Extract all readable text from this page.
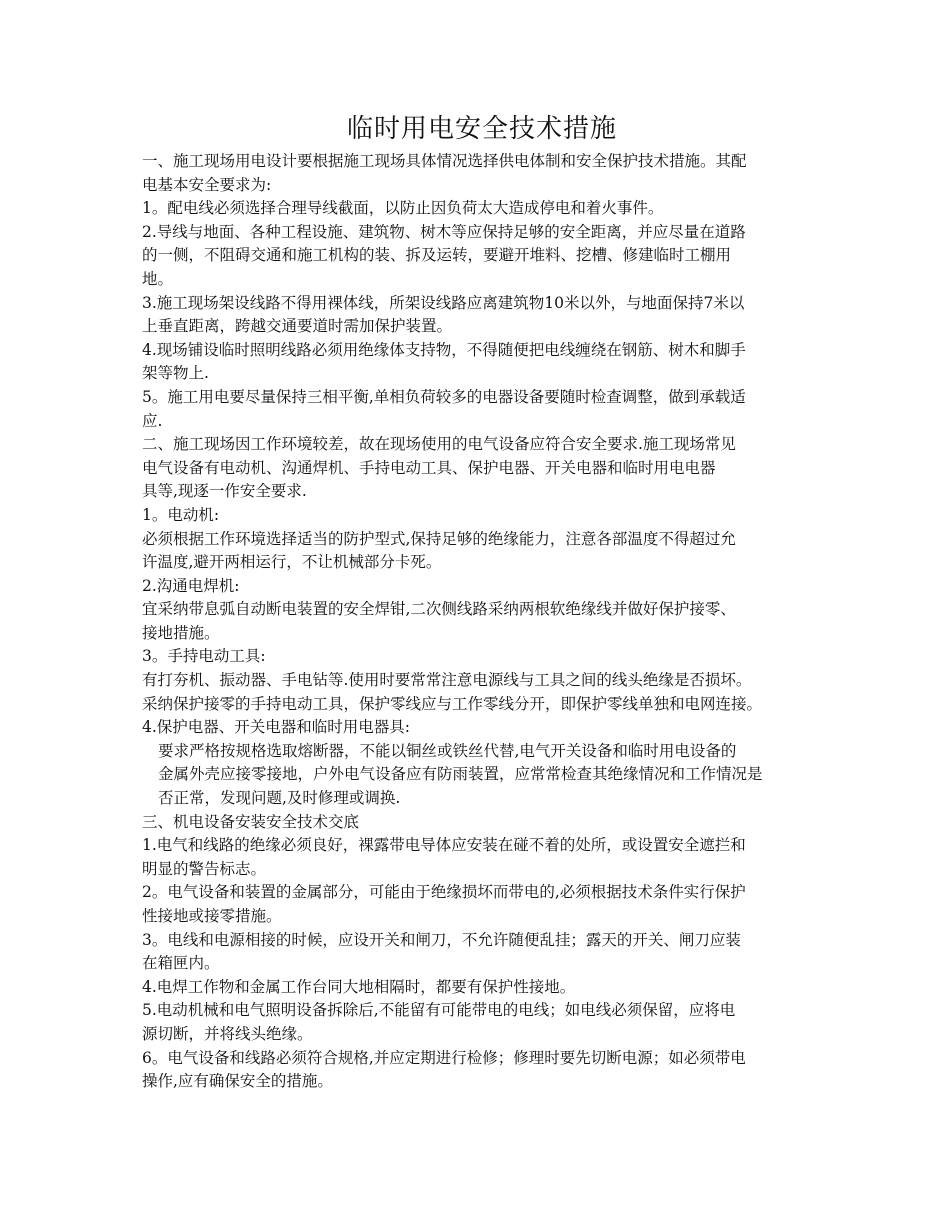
临时用电安全技术措施

一、施工现场用电设计要根据施工现场具体情况选择供电体制和安全保护技术措施。其配
电基本安全要求为:

1。配电线必须选择合理导线截面，以防止因负荷太大造成停电和着火事件。

2.导线与地面、各种工程设施、建筑物、树木等应保持足够的安全距离，并应尽量在道路
的一侧，不阻碍交通和施工机构的装、拆及运转，要避开堆料、挖槽、修建临时工棚用
地。

3.施工现场架设线路不得用裸体线，所架设线路应离建筑物10米以外，与地面保持7米以
上垂直距离，跨越交通要道时需加保护装置。

4.现场铺设临时照明线路必须用绝缘体支持物，不得随便把电线缠绕在钢筋、树木和脚手
架等物上.

5。施工用电要尽量保持三相平衡,单相负荷较多的电器设备要随时检查调整，做到承载适
应.

二、施工现场因工作环境较差，故在现场使用的电气设备应符合安全要求.施工现场常见
电气设备有电动机、沟通焊机、手持电动工具、保护电器、开关电器和临时用电电器
具等,现逐一作安全要求.

1。电动机:

必须根据工作环境选择适当的防护型式,保持足够的绝缘能力，注意各部温度不得超过允
许温度,避开两相运行，不让机械部分卡死。

2.沟通电焊机:

宜采纳带息弧自动断电装置的安全焊钳,二次侧线路采纳两根软绝缘线并做好保护接零、
接地措施。

3。手持电动工具:

有打夯机、振动器、手电钻等.使用时要常常注意电源线与工具之间的线头绝缘是否损坏。
采纳保护接零的手持电动工具，保护零线应与工作零线分开，即保护零线单独和电网连接。

4.保护电器、开关电器和临时用电器具:

要求严格按规格选取熔断器，不能以铜丝或铁丝代替,电气开关设备和临时用电设备的
金属外壳应接零接地，户外电气设备应有防雨装置，应常常检查其绝缘情况和工作情况是
否正常，发现问题,及时修理或调换.

三、机电设备安装安全技术交底

1.电气和线路的绝缘必须良好，裸露带电导体应安装在碰不着的处所，或设置安全遮拦和
明显的警告标志。

2。电气设备和装置的金属部分，可能由于绝缘损坏而带电的,必须根据技术条件实行保护
性接地或接零措施。

3。电线和电源相接的时候，应设开关和闸刀，不允许随便乱挂；露天的开关、闸刀应装
在箱匣内。

4.电焊工作物和金属工作台同大地相隔时，都要有保护性接地。

5.电动机械和电气照明设备拆除后,不能留有可能带电的电线；如电线必须保留，应将电
源切断，并将线头绝缘。

6。电气设备和线路必须符合规格,并应定期进行检修；修理时要先切断电源；如必须带电
操作,应有确保安全的措施。
